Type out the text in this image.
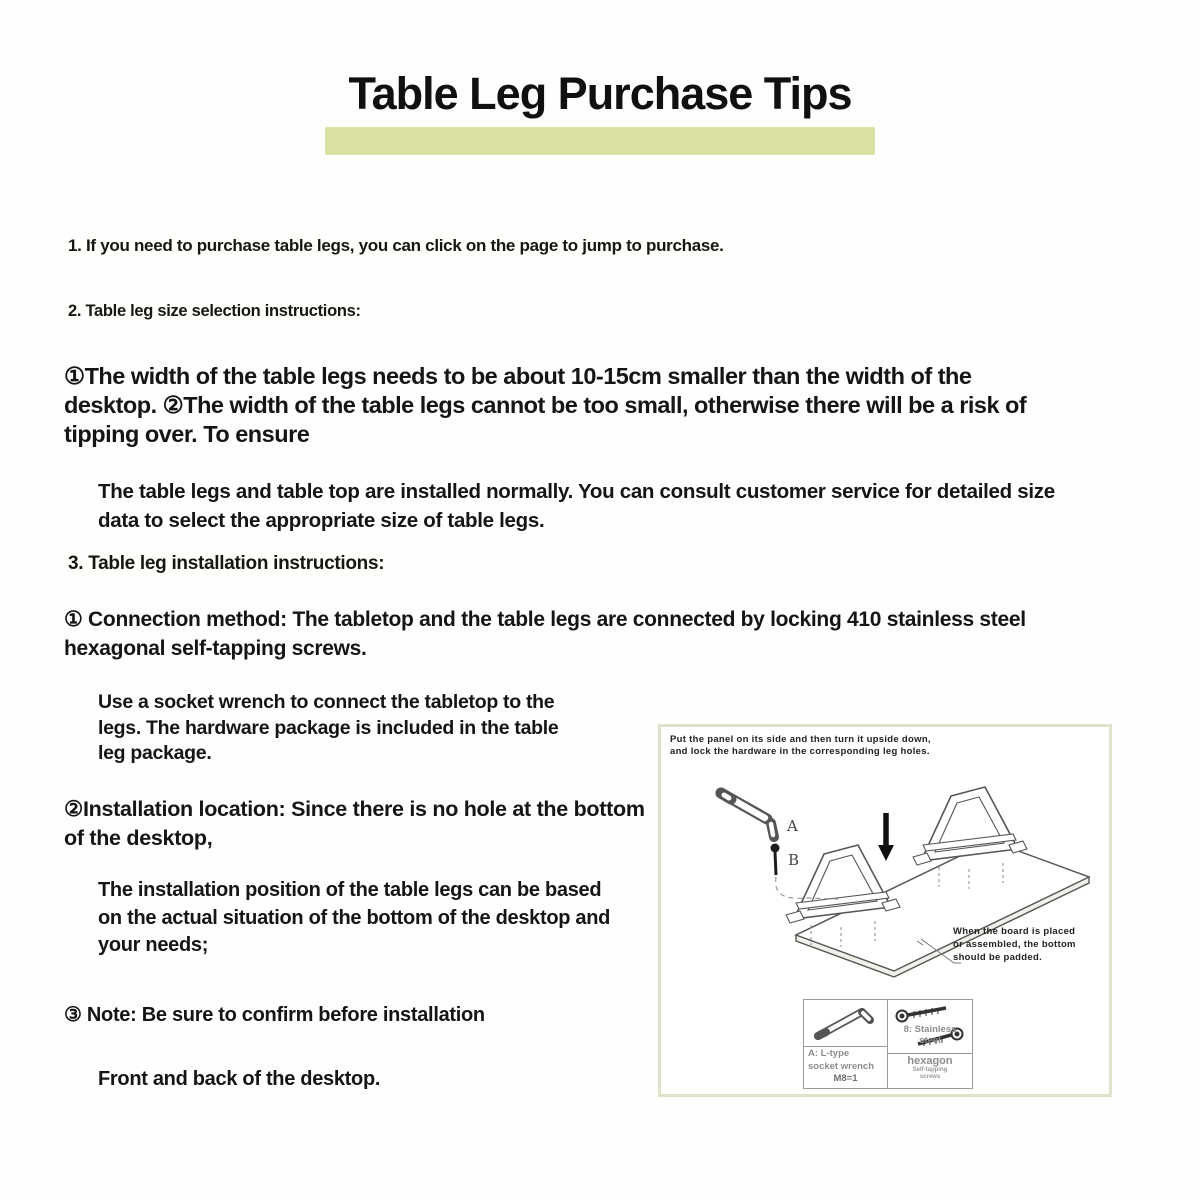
Table Leg Purchase Tips

1. If you need to purchase table legs, you can click on the page to jump to purchase.

2. Table leg size selection instructions:

①The width of the table legs needs to be about 10-15cm smaller than the width of the desktop. ②The width of the table legs cannot be too small, otherwise there will be a risk of tipping over. To ensure

The table legs and table top are installed normally. You can consult customer service for detailed size data to select the appropriate size of table legs.

3. Table leg installation instructions:

① Connection method: The tabletop and the table legs are connected by locking 410 stainless steel hexagonal self-tapping screws.

Use a socket wrench to connect the tabletop to the legs. The hardware package is included in the table leg package.

②Installation location: Since there is no hole at the bottom of the desktop,

The installation position of the table legs can be based on the actual situation of the bottom of the desktop and your needs;

③ Note: Be sure to confirm before installation

Front and back of the desktop.

Put the panel on its side and then turn it upside down,
and lock the hardware in the corresponding leg holes.
A
B
When the board is placed
or assembled, the bottom
should be padded.
A: L-type
socket wrench
M8=1
8: Stainless
steel
hexagon
Self-tapping
screws
